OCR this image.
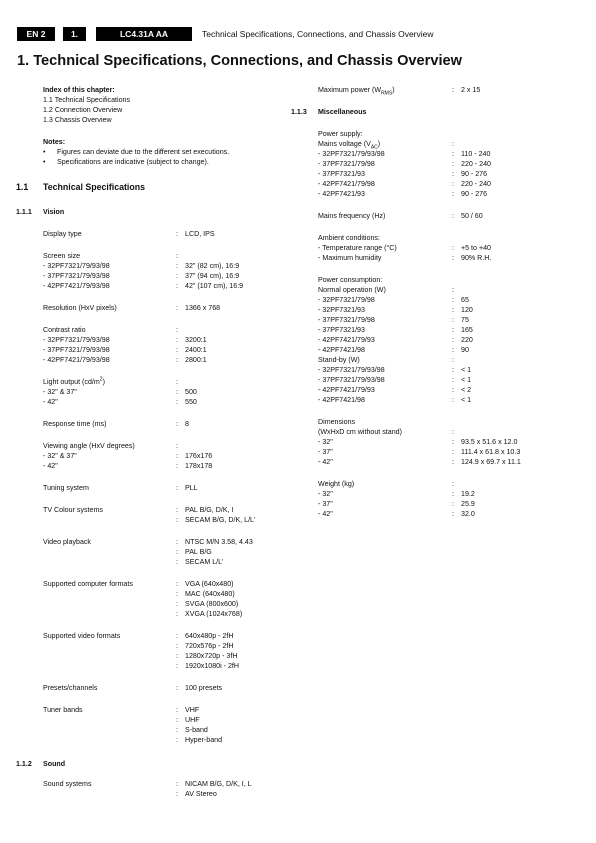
EN 2	1.	LC4.31A AA	Technical Specifications, Connections, and Chassis Overview
1. Technical Specifications, Connections, and Chassis Overview
Index of this chapter:
1.1 Technical Specifications
1.2 Connection Overview
1.3 Chassis Overview
Notes:
• Figures can deviate due to the different set executions.
• Specifications are indicative (subject to change).
1.1 Technical Specifications
1.1.1 Vision
1.1.2 Sound
1.1.3 Miscellaneous
Display type	: LCD, IPS
Screen size	:
- 32PF7321/79/93/98	: 32" (82 cm), 16:9
- 37PF7321/79/93/98	: 37" (94 cm), 16:9
- 42PF7421/79/93/98	: 42" (107 cm), 16:9
Resolution (HxV pixels)	: 1366 x 768
Contrast ratio	:
- 32PF7321/79/93/98	: 3200:1
- 37PF7321/79/93/98	: 2400:1
- 42PF7421/79/93/98	: 2800:1
Light output $(cd/m^2)$	:
- 32" & 37"	: 500
- 42"	: 550
Response time (ms)	: 8
Viewing angle (HxV degrees)	:
- 32" & 37"	: 176x176
- 42"	: 178x178
Tuning system	: PLL
TV Colour systems	: PAL B/G, D/K, I
: SECAM B/G, D/K, L/L'
Video playback	: NTSC M/N 3.58, 4.43
: PAL B/G
: SECAM L/L'
Supported computer formats	: VGA (640x480)
: MAC (640x480)
: SVGA (800x600)
: XVGA (1024x768)
Supported video formats	: 640x480p - 2fH
: 720x576p - 2fH
: 1280x720p - 3fH
: 1920x1080i - 2fH
Presets/channels	: 100 presets
Tuner bands	: VHF
: UHF
: S-band
: Hyper-band
Sound systems	: NICAM B/G, D/K, I, L
: AV Stereo
Maximum power $(W_{RMS})$	: 2 x 15
Power supply:
Mains voltage $(V_{AC})$	:
- 32PF7321/79/93/98	: 110 - 240
- 37PF7321/79/98	: 220 - 240
- 37PF7321/93	: 90 - 276
- 42PF7421/79/98	: 220 - 240
- 42PF7421/93	: 90 - 276
Mains frequency (Hz)	: 50 / 60
Ambient conditions:
- Temperature range (°C)	: +5 to +40
- Maximum humidity	: 90% R.H.
Power consumption:
Normal operation (W)	:
- 32PF7321/79/98	: 65
- 32PF7321/93	: 120
- 37PF7321/79/98	: 75
- 37PF7321/93	: 165
- 42PF7421/79/93	: 220
- 42PF7421/98	: 90
Stand-by (W)	:
- 32PF7321/79/93/98	: < 1
- 37PF7321/79/93/98	: < 1
- 42PF7421/79/93	: < 2
- 42PF7421/98	: < 1
Dimensions
(WxHxD cm without stand)	:
- 32"	: 93.5 x 51.6 x 12.0
- 37"	: 111.4 x 61.8 x 10.3
- 42"	: 124.9 x 69.7 x 11.1
Weight (kg)	:
- 32"	: 19.2
- 37"	: 25.9
- 42"	: 32.0
